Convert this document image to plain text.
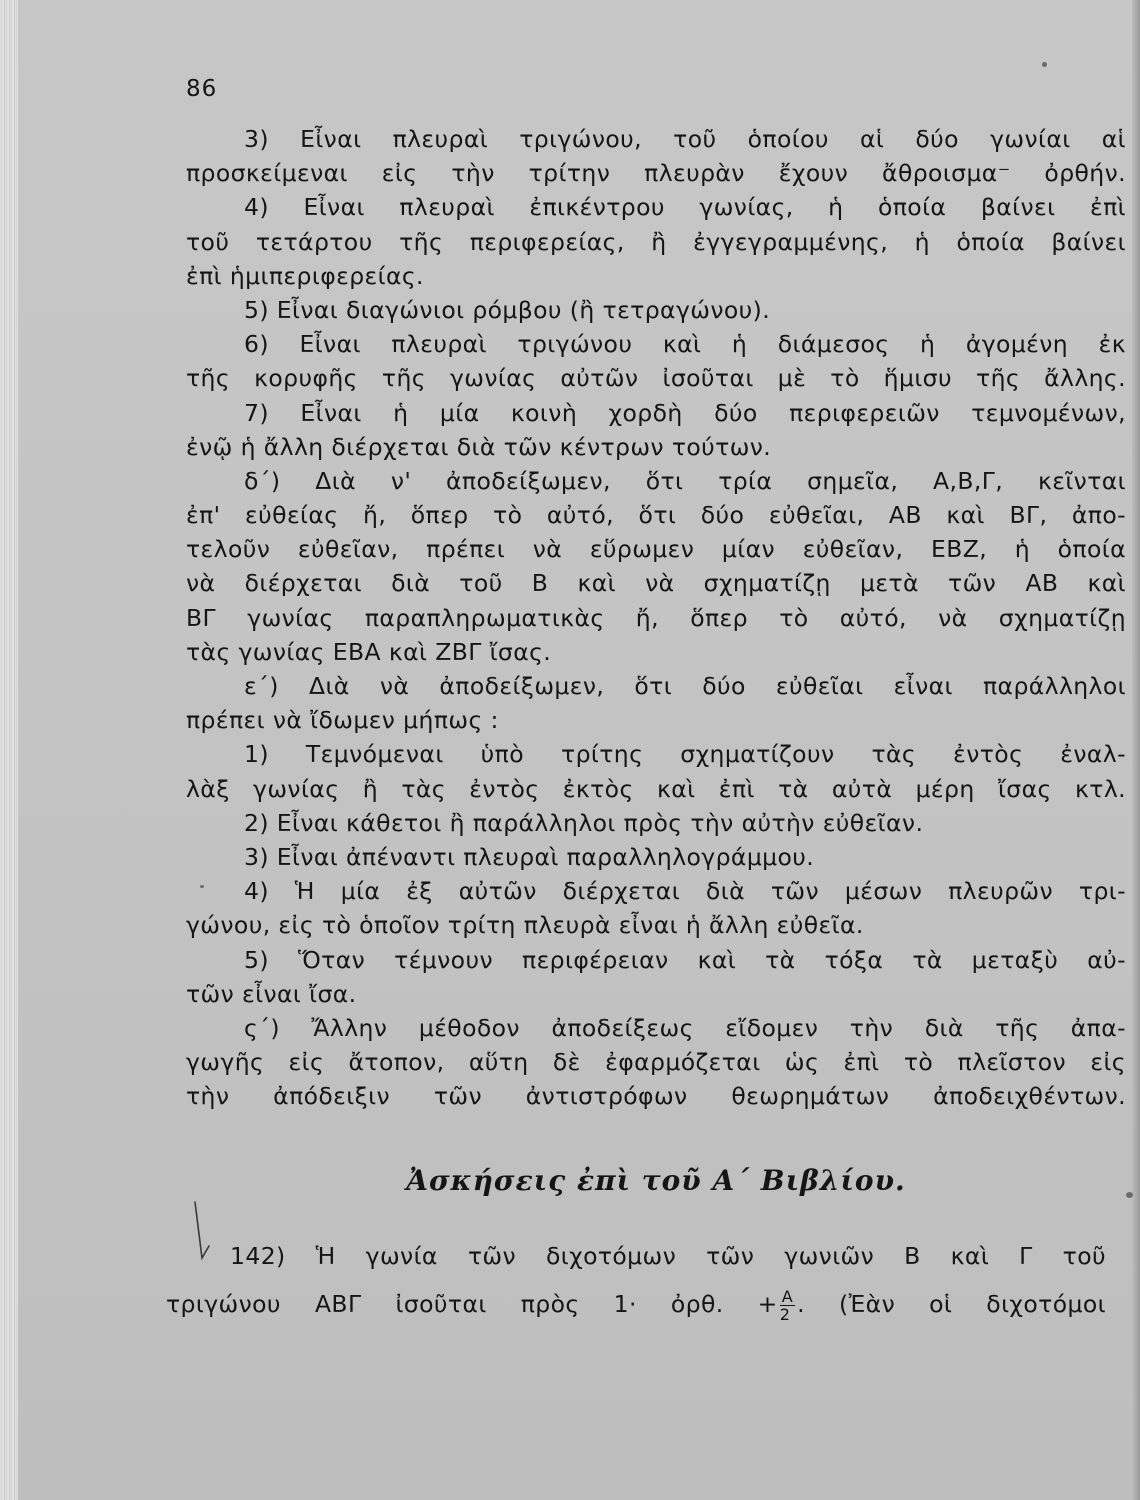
86
3) Εἶναι πλευραὶ τριγώνου, τοῦ ὁποίου αἱ δύο γωνίαι αἱ
προσκείμεναι εἰς τὴν τρίτην πλευρὰν ἔχουν ἄθροισμα⁻ ὀρθήν.
4) Εἶναι πλευραὶ ἐπικέντρου γωνίας, ἡ ὁποία βαίνει ἐπὶ
τοῦ τετάρτου τῆς περιφερείας, ἢ ἐγγεγραμμένης, ἡ ὁποία βαίνει
ἐπὶ ἡμιπεριφερείας.
5) Εἶναι διαγώνιοι ρόμβου (ἢ τετραγώνου).
6) Εἶναι πλευραὶ τριγώνου καὶ ἡ διάμεσος ἡ ἀγομένη ἐκ
τῆς κορυφῆς τῆς γωνίας αὐτῶν ἰσοῦται μὲ τὸ ἥμισυ τῆς ἄλλης.
7) Εἶναι ἡ μία κοινὴ χορδὴ δύο περιφερειῶν τεμνομένων,
ἐνῷ ἡ ἄλλη διέρχεται διὰ τῶν κέντρων τούτων.
δ΄) Διὰ ν' ἀποδείξωμεν, ὅτι τρία σημεῖα, Α,Β,Γ, κεῖνται
ἐπ' εὐθείας ἤ, ὅπερ τὸ αὐτό, ὅτι δύο εὐθεῖαι, ΑΒ καὶ ΒΓ, ἀπο-
τελοῦν εὐθεῖαν, πρέπει νὰ εὕρωμεν μίαν εὐθεῖαν, ΕΒΖ, ἡ ὁποία
νὰ διέρχεται διὰ τοῦ Β καὶ νὰ σχηματίζῃ μετὰ τῶν ΑΒ καὶ
ΒΓ γωνίας παραπληρωματικὰς ἤ, ὅπερ τὸ αὐτό, νὰ σχηματίζῃ
τὰς γωνίας ΕΒΑ καὶ ΖΒΓ ἴσας.
ε΄) Διὰ νὰ ἀποδείξωμεν, ὅτι δύο εὐθεῖαι εἶναι παράλληλοι
πρέπει νὰ ἴδωμεν μήπως :
1) Τεμνόμεναι ὑπὸ τρίτης σχηματίζουν τὰς ἐντὸς ἐναλ-
λὰξ γωνίας ἢ τὰς ἐντὸς ἐκτὸς καὶ ἐπὶ τὰ αὐτὰ μέρη ἴσας κτλ.
2) Εἶναι κάθετοι ἢ παράλληλοι πρὸς τὴν αὐτὴν εὐθεῖαν.
3) Εἶναι ἀπέναντι πλευραὶ παραλληλογράμμου.
4) Ἡ μία ἐξ αὐτῶν διέρχεται διὰ τῶν μέσων πλευρῶν τρι-
γώνου, εἰς τὸ ὁποῖον τρίτη πλευρὰ εἶναι ἡ ἄλλη εὐθεῖα.
5) Ὅταν τέμνουν περιφέρειαν καὶ τὰ τόξα τὰ μεταξὺ αὐ-
τῶν εἶναι ἴσα.
ς΄) Ἄλλην μέθοδον ἀποδείξεως εἴδομεν τὴν διὰ τῆς ἀπα-
γωγῆς εἰς ἄτοπον, αὕτη δὲ ἐφαρμόζεται ὡς ἐπὶ τὸ πλεῖστον εἰς
τὴν ἀπόδειξιν τῶν ἀντιστρόφων θεωρημάτων ἀποδειχθέντων.
Ἀσκήσεις ἐπὶ τοῦ Α΄ Βιβλίου.
142) Ἡ γωνία τῶν διχοτόμων τῶν γωνιῶν Β καὶ Γ τοῦ
τριγώνου ΑΒΓ ἰσοῦται πρὸς 1· ὀρθ. + $\frac{A}{2}$ . (Ἐὰν οἱ διχοτόμοι
